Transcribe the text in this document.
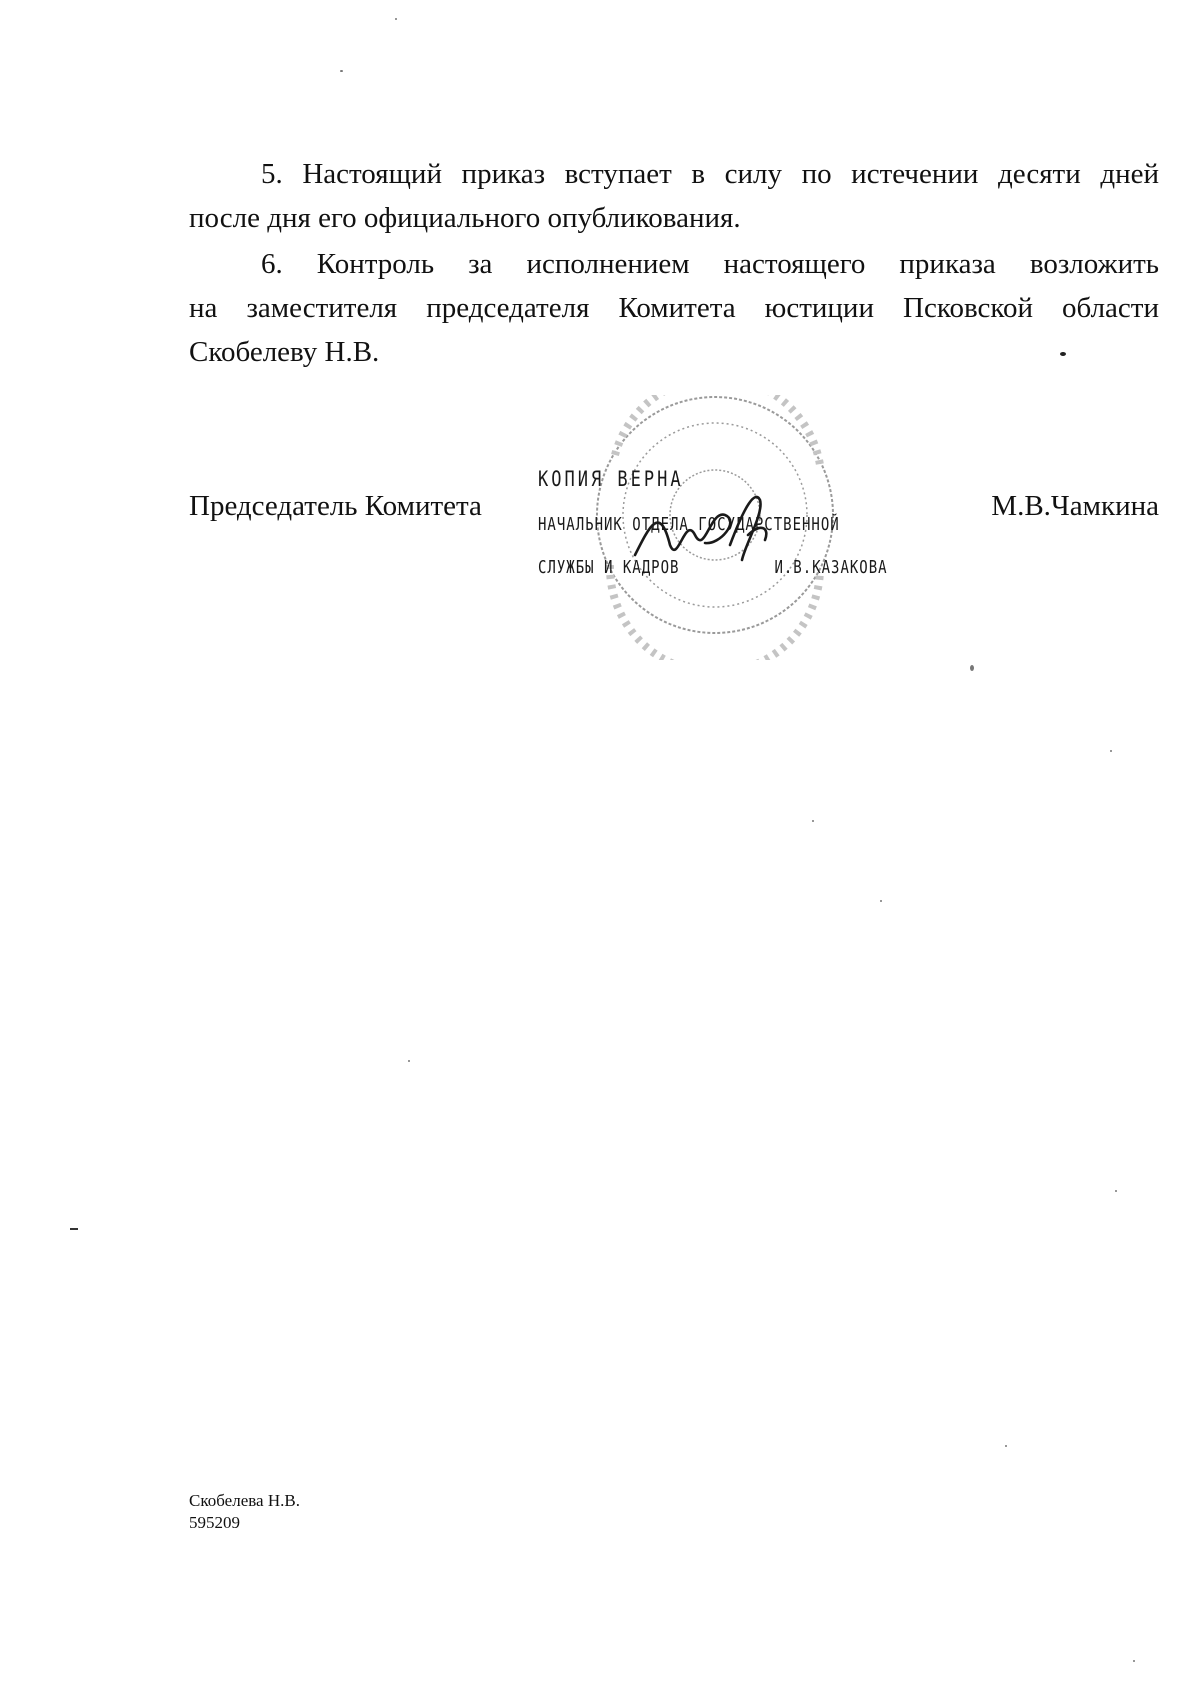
5. Настоящий приказ вступает в силу по истечении десяти дней
после дня его официального опубликования.
6. Контроль за исполнением настоящего приказа возложить
на заместителя председателя Комитета юстиции Псковской области
Скобелеву Н.В.
Председатель Комитета	М.В.Чамкина
КОПИЯ ВЕРНА
НАЧАЛЬНИК ОТДЕЛА ГОСУДАРСТВЕННОЙ
СЛУЖБЫ И КАДРОВ	И.В.КАЗАКОВА
Скобелева Н.В.
595209
